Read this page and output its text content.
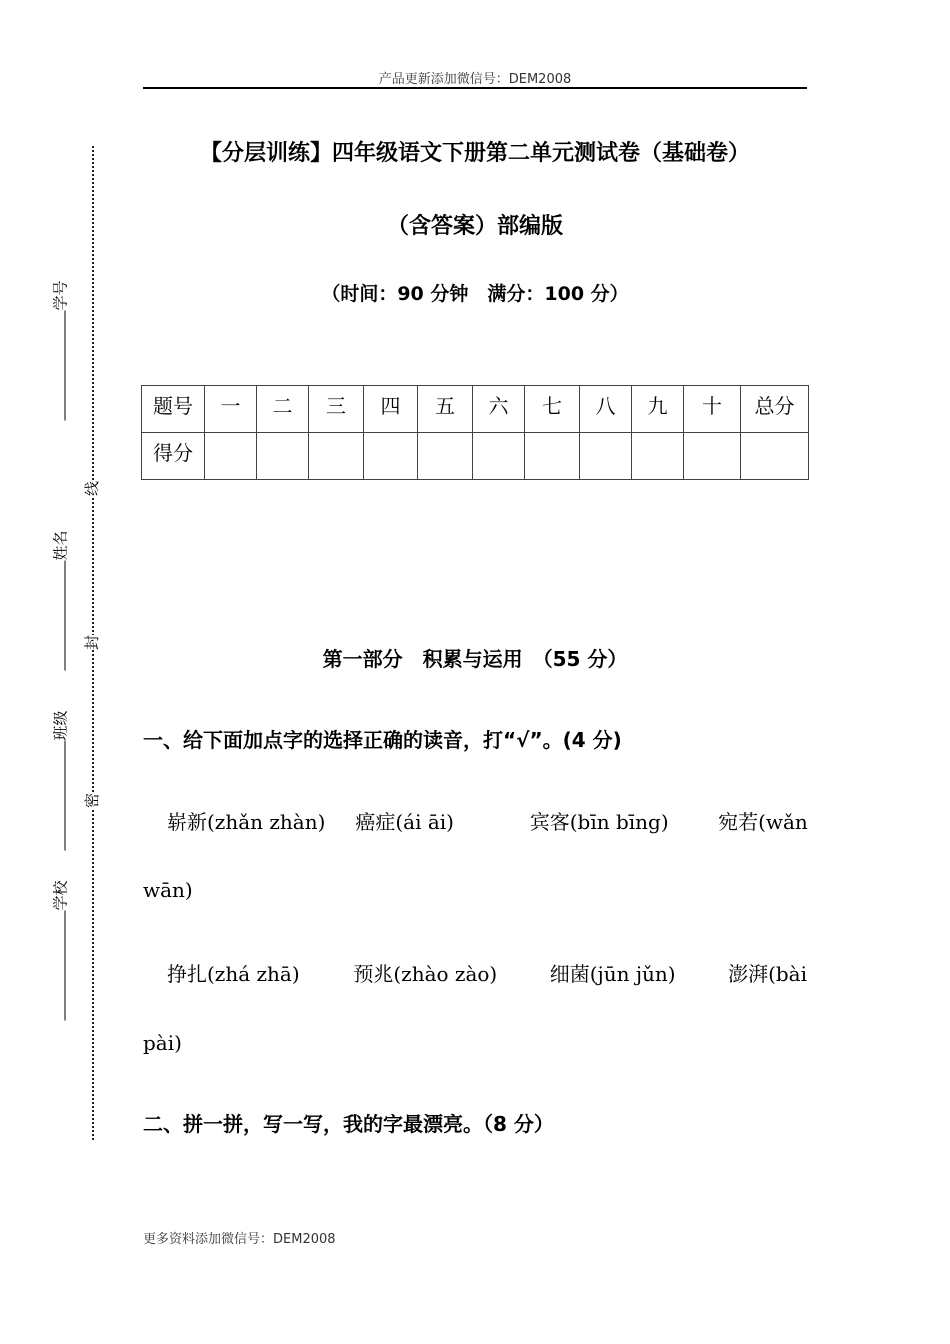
产品更新添加微信号：DEM2008
【分层训练】四年级语文下册第二单元测试卷（基础卷）
（含答案）部编版
（时间：90 分钟　满分：100 分）
题号	一	二	三	四	五	六	七	八	九	十	总分
得分											
第一部分　积累与运用　（55 分）
一、给下面加点字的选择正确的读音，打“√”。(4 分)
崭新(zhǎn zhàn) 癌症(ái āi)	宾客(bīn bīng) 宛若(wǎn
wān)
挣扎(zhá zhā)	预兆(zhào zào)	细菌(jūn jǔn)	澎湃(bài
pài)
二、拼一拼，写一写，我的字最漂亮。（8 分）
更多资料添加微信号：DEM2008
学号
姓名
班级
学校
线
封
密
